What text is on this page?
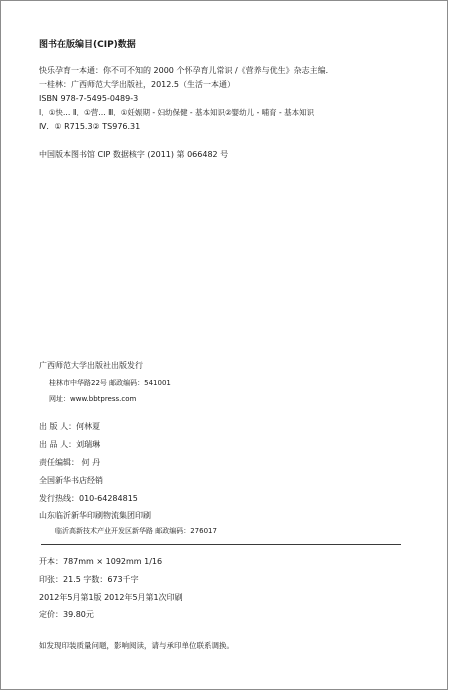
图书在版编目(CIP)数据
快乐孕育一本通：你不可不知的 2000 个怀孕育儿常识 /《营养与优生》杂志主编．
一桂林：广西师范大学出版社，2012.5（生活一本通）
ISBN 978-7-5495-0489-3
Ⅰ．①快… Ⅱ．①营… Ⅲ．①妊娠期 - 妇幼保健 - 基本知识②婴幼儿 - 哺育 - 基本知识
Ⅳ．① R715.3② TS976.31
中国版本图书馆 CIP 数据核字 (2011) 第 066482 号
广西师范大学出版社出版发行
桂林市中华路22号 邮政编码：541001
网址：www.bbtpress.com
出 版 人：何林夏
出 品 人：刘瑞琳
责任编辑： 何 丹
全国新华书店经销
发行热线：010-64284815
山东临沂新华印刷物流集团印刷
临沂高新技术产业开发区新华路 邮政编码：276017
开本：787mm × 1092mm 1/16
印张：21.5 字数：673千字
2012年5月第1版 2012年5月第1次印刷
定价：39.80元
如发现印装质量问题，影响阅读，请与承印单位联系调换。
